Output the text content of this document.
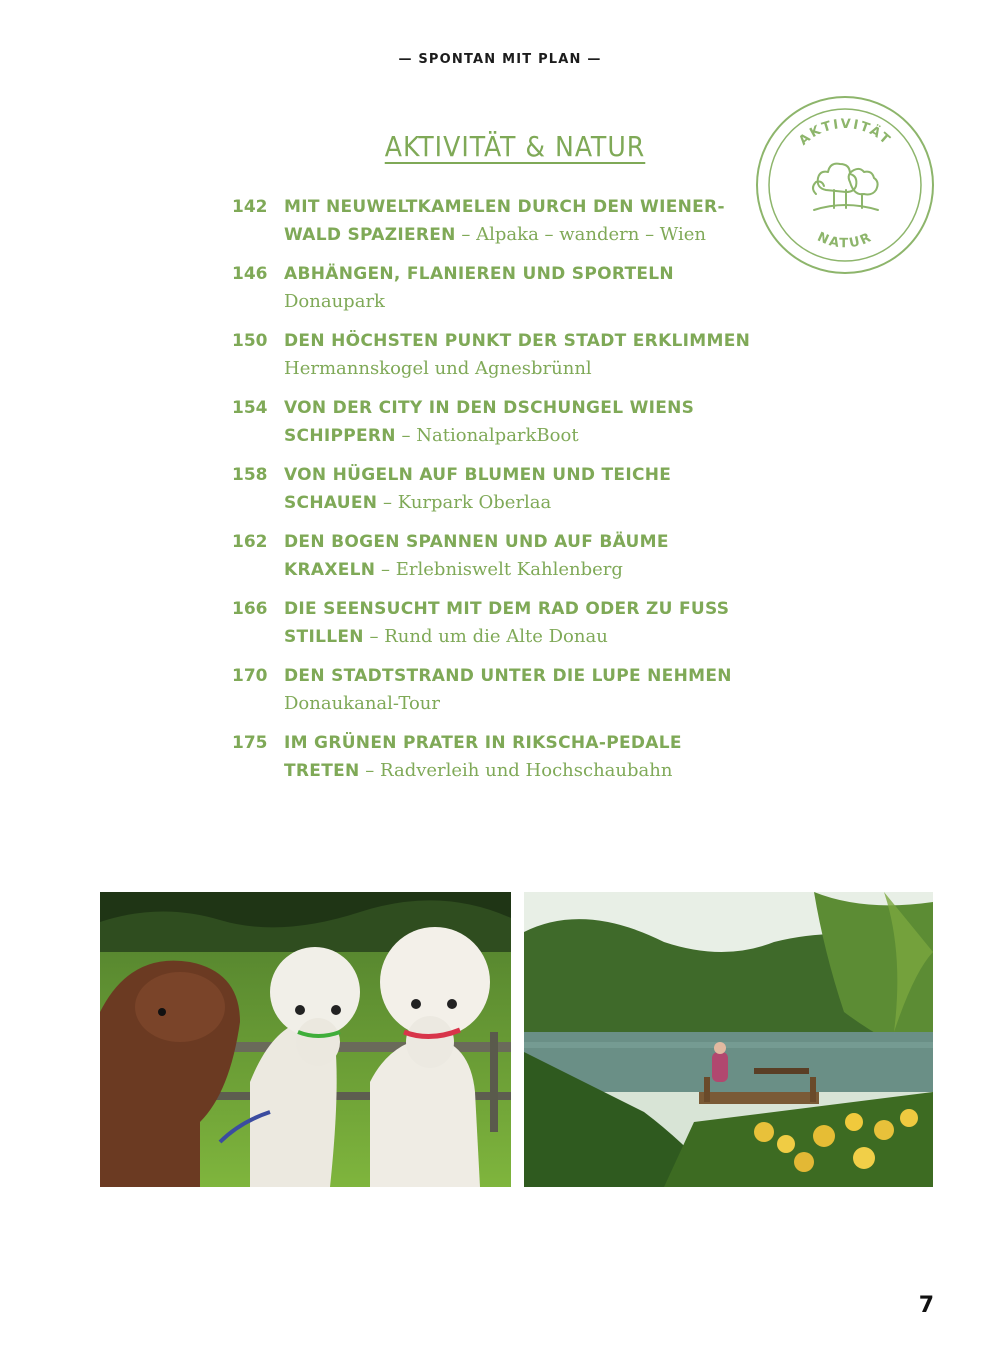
— SPONTAN MIT PLAN —
AKTIVITÄT & NATUR	AKTIVITÄT
NATUR
142 MIT NEUWELTKAMELEN DURCH DEN WIENER-
WALD SPAZIEREN – Alpaka – wandern – Wien
146 ABHÄNGEN, FLANIEREN UND SPORTELN
Donaupark
150 DEN HÖCHSTEN PUNKT DER STADT ERKLIMMEN
Hermannskogel und Agnesbrünnl
154 VON DER CITY IN DEN DSCHUNGEL WIENS
SCHIPPERN – NationalparkBoot
158 VON HÜGELN AUF BLUMEN UND TEICHE
SCHAUEN – Kurpark Oberlaa
162 DEN BOGEN SPANNEN UND AUF BÄUME
KRAXELN – Erlebniswelt Kahlenberg
166 DIE SEENSUCHT MIT DEM RAD ODER ZU FUSS
STILLEN – Rund um die Alte Donau
170 DEN STADTSTRAND UNTER DIE LUPE NEHMEN
Donaukanal-Tour
175 IM GRÜNEN PRATER IN RIKSCHA-PEDALE
TRETEN – Radverleih und Hochschaubahn
7
